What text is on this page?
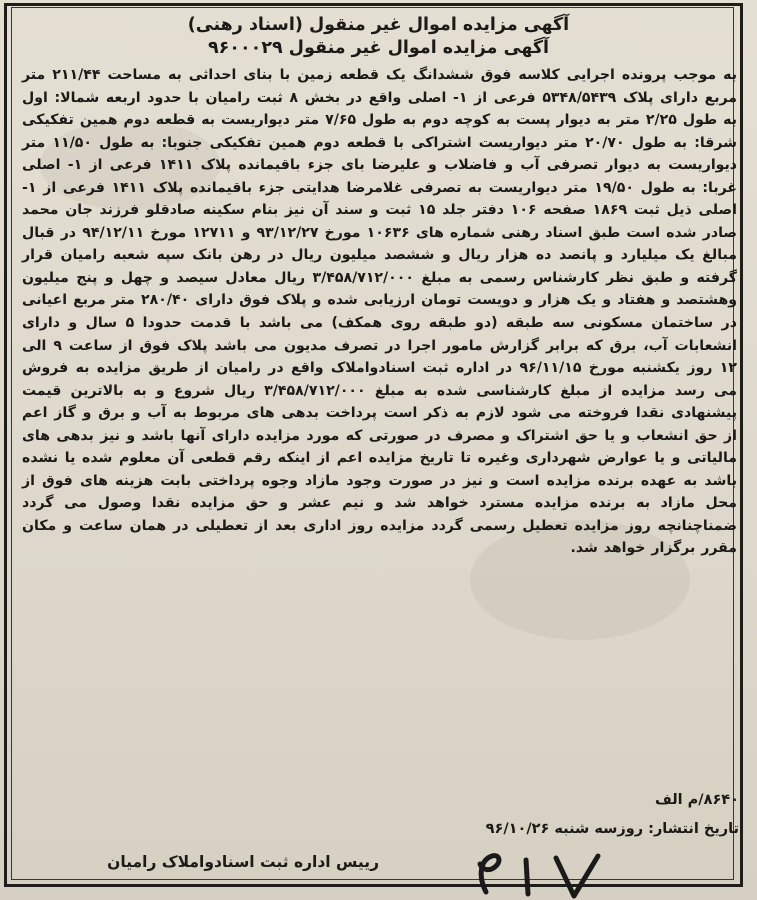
آگهی مزایده اموال غیر منقول (اسناد رهنی)
آگهی مزایده اموال غیر منقول ۹۶۰۰۰۲۹
به موجب پرونده اجرایی کلاسه فوق ششدانگ یک قطعه زمین با بنای احداثی به مساحت ۲۱۱/۴۴ متر مربع دارای پلاک ۵۳۴۸/۵۴۳۹ فرعی از ۱- اصلی واقع در بخش ۸ ثبت رامیان با حدود اربعه شمالا: اول به طول ۲/۲۵ متر به دیوار پست به کوچه دوم به طول ۷/۶۵ متر دیواریست به قطعه دوم همین تفکیکی شرقا: به طول ۲۰/۷۰ متر دیواریست اشتراکی با قطعه دوم همین تفکیکی جنوبا: به طول ۱۱/۵۰ متر دیواریست به دیوار تصرفی آب و فاضلاب و علیرضا بای جزء باقیمانده پلاک ۱۴۱۱ فرعی از ۱- اصلی غربا: به طول ۱۹/۵۰ متر دیواریست به تصرفی غلامرضا هدایتی جزء باقیمانده پلاک ۱۴۱۱ فرعی از ۱- اصلی ذیل ثبت ۱۸۶۹ صفحه ۱۰۶ دفتر جلد ۱۵ ثبت و سند آن نیز بنام سکینه صادقلو فرزند جان محمد صادر شده است طبق اسناد رهنی شماره های ۱۰۶۳۶ مورخ ۹۳/۱۲/۲۷ و ۱۲۷۱۱ مورخ ۹۴/۱۲/۱۱ در قبال مبالغ یک میلیارد و پانصد ده هزار ریال و ششصد میلیون ریال در رهن بانک سپه شعبه رامیان قرار گرفته و طبق نظر کارشناس رسمی به مبلغ ۳/۴۵۸/۷۱۲/۰۰۰ ریال معادل سیصد و چهل و پنج میلیون وهشتصد و هفتاد و یک هزار و دویست تومان ارزیابی شده و پلاک فوق دارای ۲۸۰/۴۰ متر مربع اعیانی در ساختمان مسکونی سه طبقه (دو طبقه روی همکف) می باشد با قدمت حدودا ۵ سال و دارای انشعابات آب، برق که برابر گزارش مامور اجرا در تصرف مدیون می باشد پلاک فوق از ساعت ۹ الی ۱۲ روز یکشنبه مورخ ۹۶/۱۱/۱۵ در اداره ثبت اسنادواملاک واقع در رامیان از طریق مزایده به فروش می رسد مزایده از مبلغ کارشناسی شده به مبلغ ۳/۴۵۸/۷۱۲/۰۰۰ ریال شروع و به بالاترین قیمت پیشنهادی نقدا فروخته می شود لازم به ذکر است پرداخت بدهی های مربوط به آب و برق و گاز اعم از حق انشعاب و یا حق اشتراک و مصرف در صورتی که مورد مزایده دارای آنها باشد و نیز بدهی های مالیاتی و یا عوارض شهرداری وغیره تا تاریخ مزایده اعم از اینکه رقم قطعی آن معلوم شده یا نشده باشد به عهده برنده مزایده است و نیز در صورت وجود مازاد وجوه پرداختی بابت هزینه های فوق از محل مازاد به برنده مزایده مسترد خواهد شد و نیم عشر و حق مزایده نقدا وصول می گردد ضمناچنانچه روز مزایده تعطیل رسمی گردد مزایده روز اداری بعد از تعطیلی در همان ساعت و مکان مقرر برگزار خواهد شد.
۸۶۴۰/م الف
تاریخ انتشار: روزسه شنبه ۹۶/۱۰/۲۶
رییس اداره ثبت اسنادواملاک رامیان
